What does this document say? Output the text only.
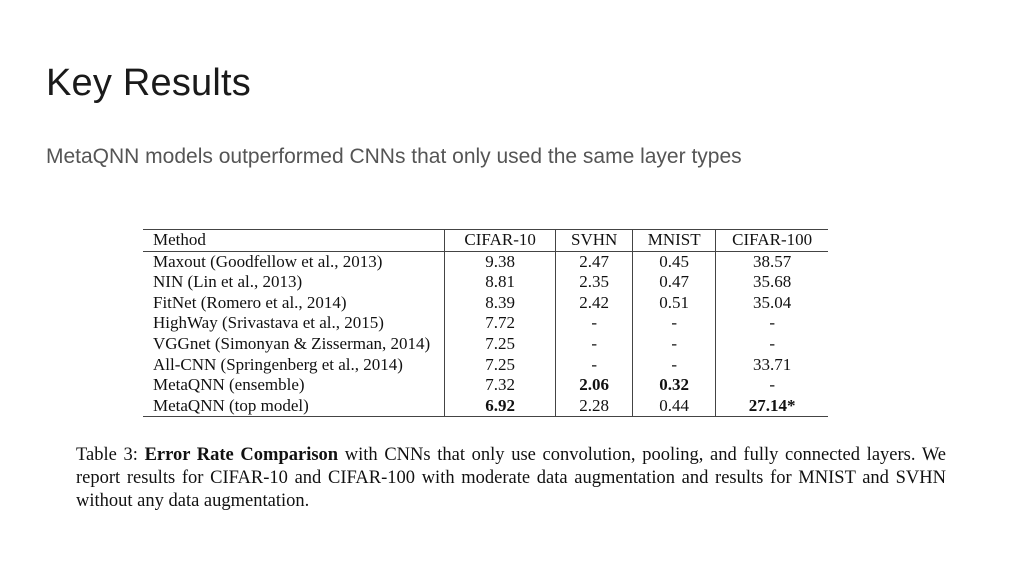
Key Results

MetaQNN models outperformed CNNs that only used the same layer types

Method	CIFAR-10	SVHN	MNIST	CIFAR-100
Maxout (Goodfellow et al., 2013)	9.38	2.47	0.45	38.57
NIN (Lin et al., 2013)	8.81	2.35	0.47	35.68
FitNet (Romero et al., 2014)	8.39	2.42	0.51	35.04
HighWay (Srivastava et al., 2015)	7.72	-	-	-
VGGnet (Simonyan & Zisserman, 2014)	7.25	-	-	-
All-CNN (Springenberg et al., 2014)	7.25	-	-	33.71
MetaQNN (ensemble)	7.32	2.06	0.32	-
MetaQNN (top model)	6.92	2.28	0.44	27.14*

Table 3: Error Rate Comparison with CNNs that only use convolution, pooling, and fully connected layers. We report results for CIFAR-10 and CIFAR-100 with moderate data augmentation and results for MNIST and SVHN without any data augmentation.
